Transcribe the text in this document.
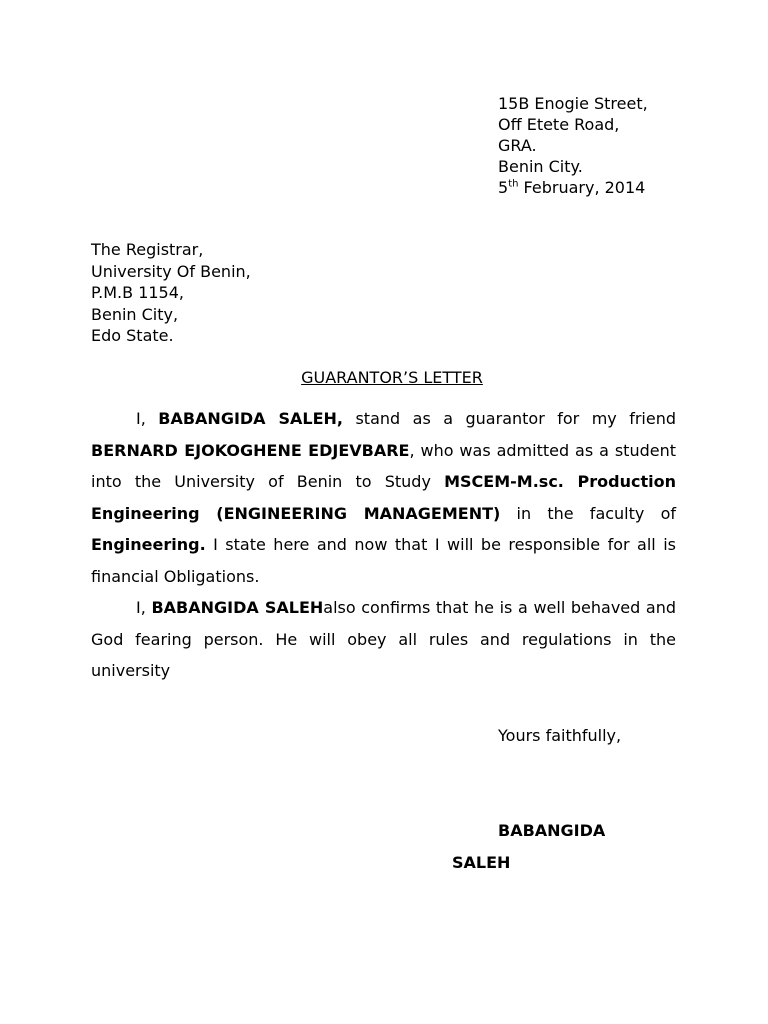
15B Enogie Street,
Off Etete Road,
GRA.
Benin City.
5th February, 2014
The Registrar,
University Of Benin,
P.M.B 1154,
Benin City,
Edo State.
GUARANTOR’S LETTER

I, BABANGIDA SALEH, stand as a guarantor for my friend BERNARD EJOKOGHENE EDJEVBARE, who was admitted as a student into the University of Benin to Study MSCEM-M.sc. Production Engineering (ENGINEERING MANAGEMENT) in the faculty of Engineering. I state here and now that I will be responsible for all is financial Obligations.

I, BABANGIDA SALEHalso confirms that he is a well behaved and God fearing person. He will obey all rules and regulations in the university

Yours faithfully,
BABANGIDA
SALEH
